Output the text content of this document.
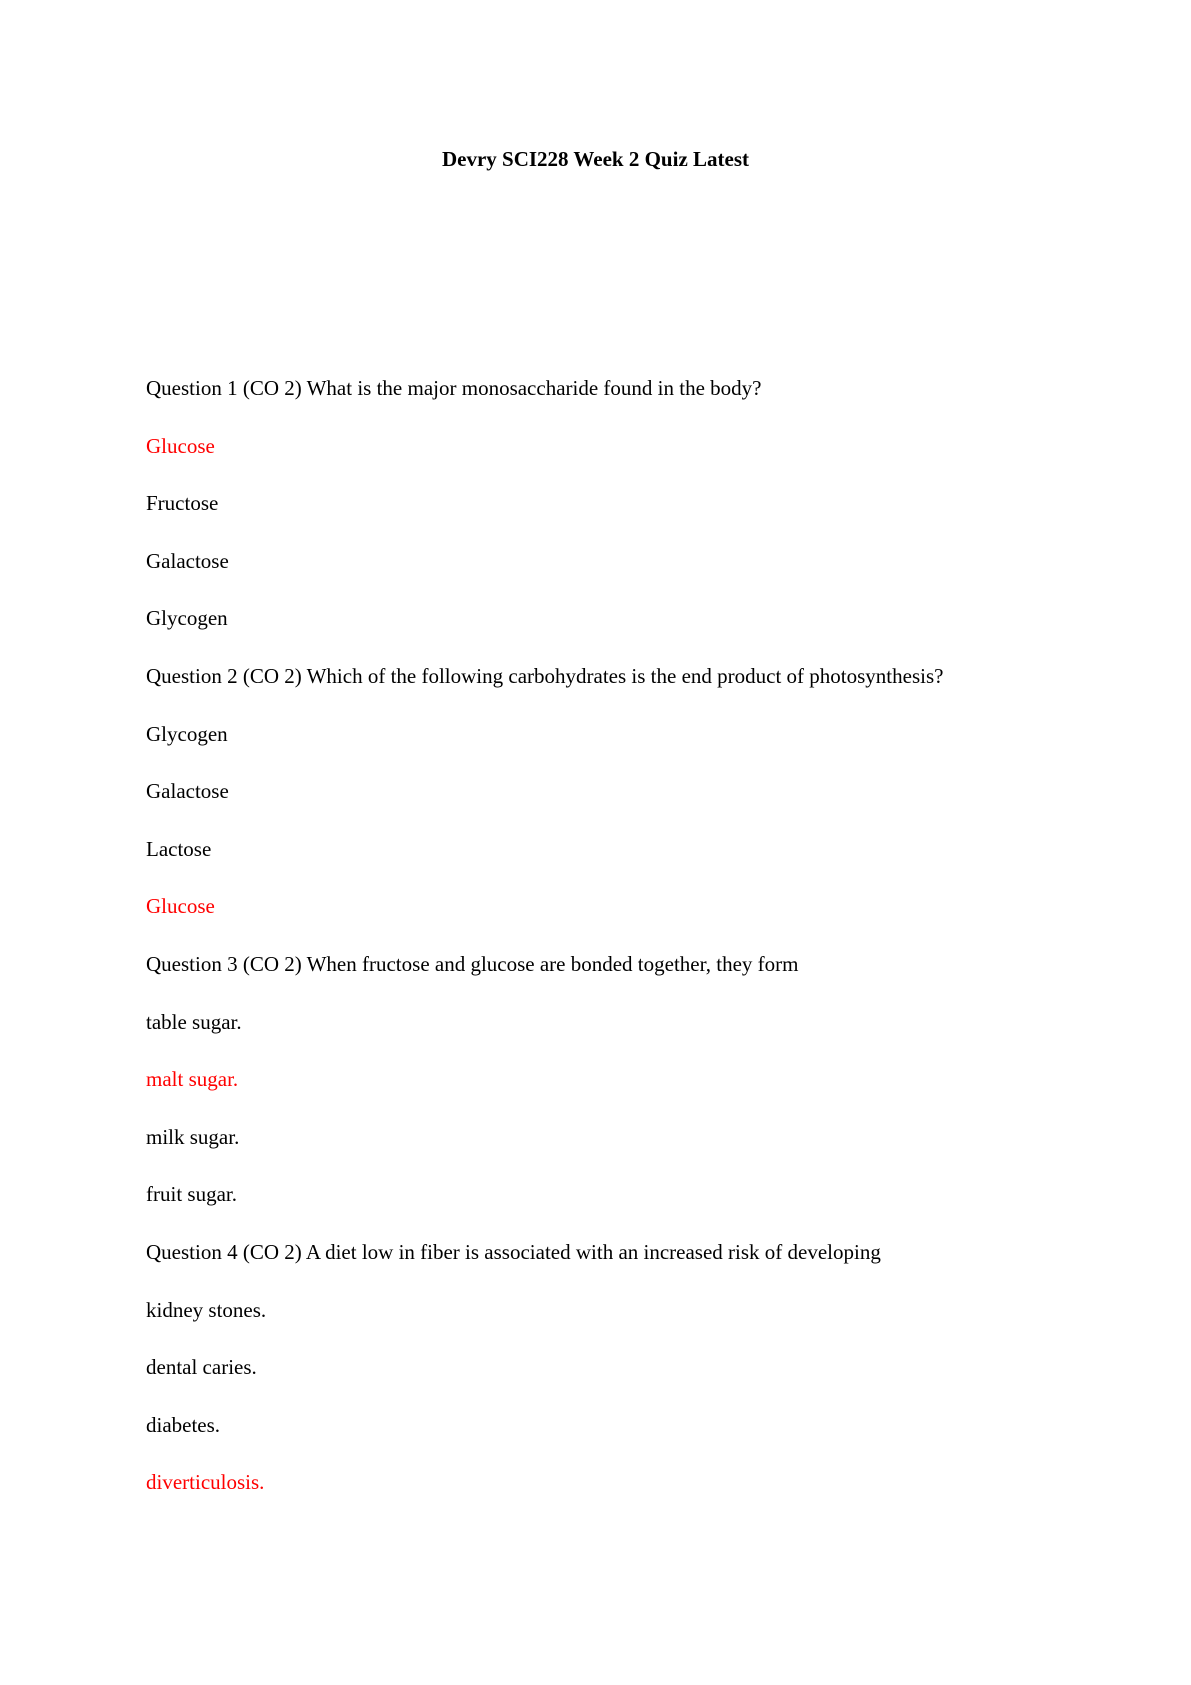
Devry SCI228 Week 2 Quiz Latest

Question 1 (CO 2) What is the major monosaccharide found in the body?

Glucose

Fructose

Galactose

Glycogen

Question 2 (CO 2) Which of the following carbohydrates is the end product of photosynthesis?

Glycogen

Galactose

Lactose

Glucose

Question 3 (CO 2) When fructose and glucose are bonded together, they form

table sugar.

malt sugar.

milk sugar.

fruit sugar.

Question 4 (CO 2) A diet low in fiber is associated with an increased risk of developing

kidney stones.

dental caries.

diabetes.

diverticulosis.
